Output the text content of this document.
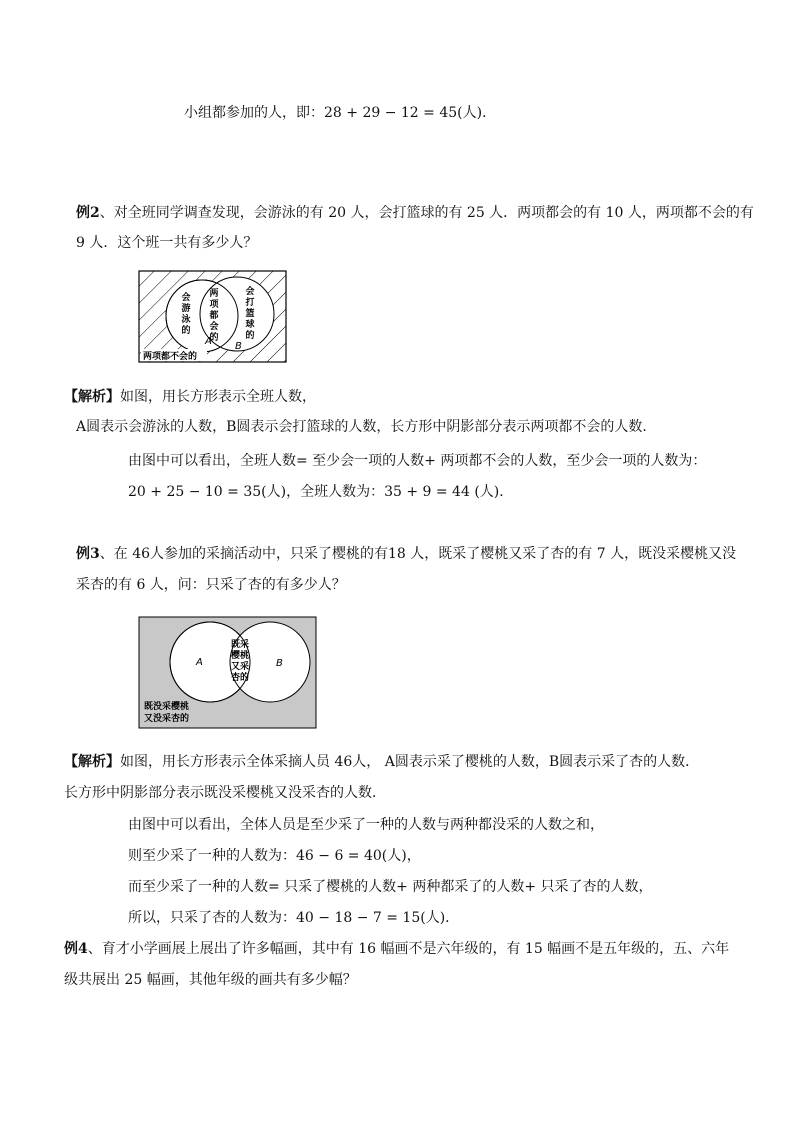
小组都参加的人，即：28 + 29 − 12 = 45(人)．
例2、对全班同学调查发现，会游泳的有 20 人，会打篮球的有 25 人．两项都会的有 10 人，两项都不会的有
9 人．这个班一共有多少人？
会
游
泳
的
两
项
都
会
的
会
打
篮
球
的
A B
两项都不会的
【解析】如图，用长方形表示全班人数，
A圆表示会游泳的人数，B圆表示会打篮球的人数，长方形中阴影部分表示两项都不会的人数．
由图中可以看出，全班人数= 至少会一项的人数+ 两项都不会的人数，至少会一项的人数为：
20 + 25 − 10 = 35(人)，全班人数为：35 + 9 = 44 (人)．
例3、在 46人参加的采摘活动中，只采了樱桃的有18 人，既采了樱桃又采了杏的有 7 人，既没采樱桃又没
采杏的有 6 人，问：只采了杏的有多少人？
A	B
既采
樱桃
又采
杏的
既没采樱桃
又没采杏的
【解析】如图，用长方形表示全体采摘人员 46人， A圆表示采了樱桃的人数，B圆表示采了杏的人数．
长方形中阴影部分表示既没采樱桃又没采杏的人数．
由图中可以看出，全体人员是至少采了一种的人数与两种都没采的人数之和，
则至少采了一种的人数为：46 − 6 = 40(人)，
而至少采了一种的人数= 只采了樱桃的人数+ 两种都采了的人数+ 只采了杏的人数，
所以，只采了杏的人数为：40 − 18 − 7 = 15(人)．
例4、育才小学画展上展出了许多幅画，其中有 16 幅画不是六年级的，有 15 幅画不是五年级的，五、六年
级共展出 25 幅画，其他年级的画共有多少幅？
